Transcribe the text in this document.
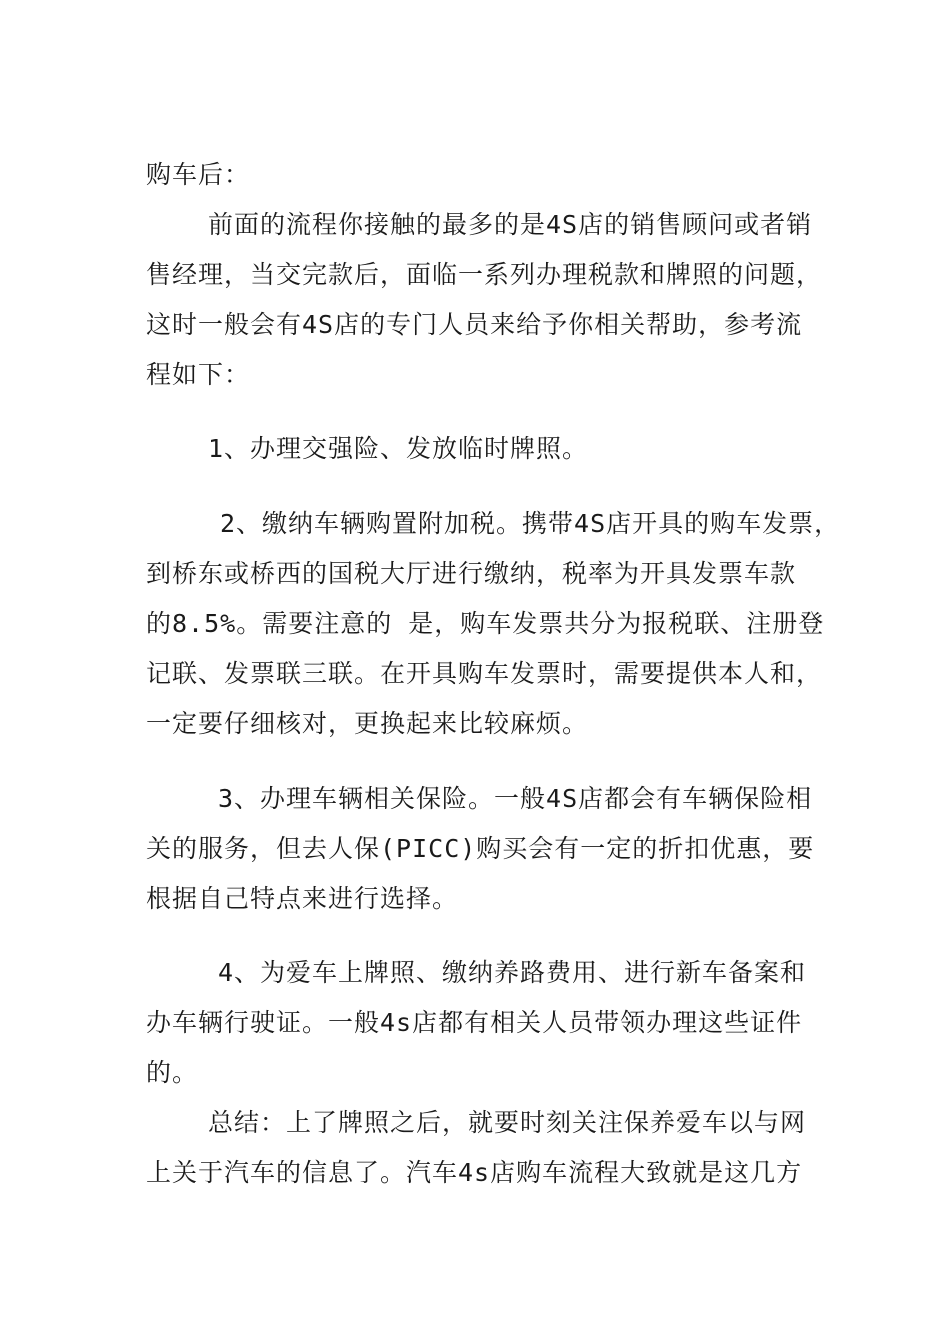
购车后：
前面的流程你接触的最多的是4S店的销售顾问或者销
售经理，当交完款后，面临一系列办理税款和牌照的问题，
这时一般会有4S店的专门人员来给予你相关帮助，参考流
程如下：
1、办理交强险、发放临时牌照。
2、缴纳车辆购置附加税。携带4S店开具的购车发票，
到桥东或桥西的国税大厅进行缴纳，税率为开具发票车款
的8.5%。需要注意的 是，购车发票共分为报税联、注册登
记联、发票联三联。在开具购车发票时，需要提供本人和，
一定要仔细核对，更换起来比较麻烦。
3、办理车辆相关保险。一般4S店都会有车辆保险相
关的服务，但去人保(PICC)购买会有一定的折扣优惠，要
根据自己特点来进行选择。
4、为爱车上牌照、缴纳养路费用、进行新车备案和
办车辆行驶证。一般4s店都有相关人员带领办理这些证件
的。
总结：上了牌照之后，就要时刻关注保养爱车以与网
上关于汽车的信息了。汽车4s店购车流程大致就是这几方
